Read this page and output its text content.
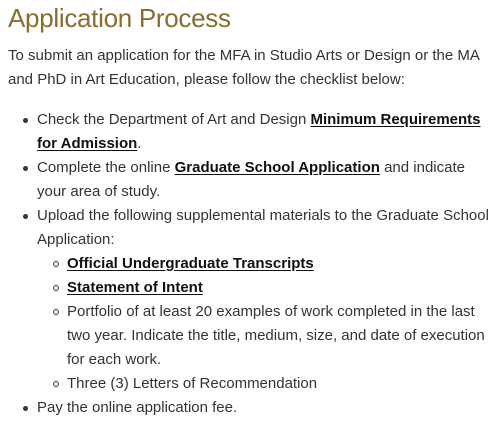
Application Process

To submit an application for the MFA in Studio Arts or Design or the MA and PhD in Art Education, please follow the checklist below:

Check the Department of Art and Design Minimum Requirements for Admission.
Complete the online Graduate School Application and indicate your area of study.
Upload the following supplemental materials to the Graduate School Application:
Official Undergraduate Transcripts
Statement of Intent
Portfolio of at least 20 examples of work completed in the last two year. Indicate the title, medium, size, and date of execution for each work.
Three (3) Letters of Recommendation
Pay the online application fee.
